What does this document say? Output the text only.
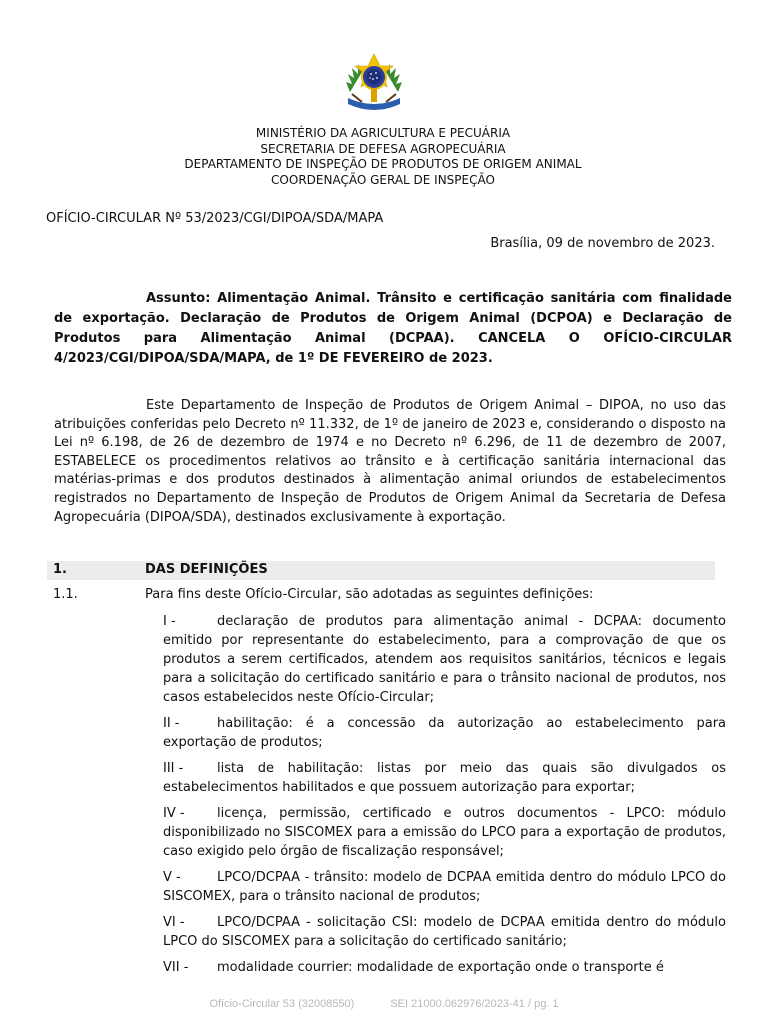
MINISTÉRIO DA AGRICULTURA E PECUÁRIA
SECRETARIA DE DEFESA AGROPECUÁRIA
DEPARTAMENTO DE INSPEÇÃO DE PRODUTOS DE ORIGEM ANIMAL
COORDENAÇÃO GERAL DE INSPEÇÃO
OFÍCIO-CIRCULAR Nº 53/2023/CGI/DIPOA/SDA/MAPA
Brasília, 09 de novembro de 2023.
Assunto: Alimentação Animal. Trânsito e certificação sanitária com finalidade de exportação. Declaração de Produtos de Origem Animal (DCPOA) e Declaração de Produtos para Alimentação Animal (DCPAA). CANCELA O OFÍCIO-CIRCULAR 4/2023/CGI/DIPOA/SDA/MAPA, de 1º DE FEVEREIRO de 2023.
Este Departamento de Inspeção de Produtos de Origem Animal – DIPOA, no uso das atribuições conferidas pelo Decreto nº 11.332, de 1º de janeiro de 2023 e, considerando o disposto na Lei nº 6.198, de 26 de dezembro de 1974 e no Decreto nº 6.296, de 11 de dezembro de 2007, ESTABELECE os procedimentos relativos ao trânsito e à certificação sanitária internacional das matérias-primas e dos produtos destinados à alimentação animal oriundos de estabelecimentos registrados no Departamento de Inspeção de Produtos de Origem Animal da Secretaria de Defesa Agropecuária (DIPOA/SDA), destinados exclusivamente à exportação.
1.	DAS DEFINIÇÕES
1.1.	Para fins deste Ofício-Circular, são adotadas as seguintes definições:
I -	declaração de produtos para alimentação animal - DCPAA: documento emitido por representante do estabelecimento, para a comprovação de que os produtos a serem certificados, atendem aos requisitos sanitários, técnicos e legais para a solicitação do certificado sanitário e para o trânsito nacional de produtos, nos casos estabelecidos neste Ofício-Circular;
II -	habilitação: é a concessão da autorização ao estabelecimento para exportação de produtos;
III -	lista de habilitação: listas por meio das quais são divulgados os estabelecimentos habilitados e que possuem autorização para exportar;
IV - licença, permissão, certificado e outros documentos - LPCO: módulo disponibilizado no SISCOMEX para a emissão do LPCO para a exportação de produtos, caso exigido pelo órgão de fiscalização responsável;
V -	LPCO/DCPAA - trânsito: modelo de DCPAA emitida dentro do módulo LPCO do SISCOMEX, para o trânsito nacional de produtos;
VI - LPCO/DCPAA - solicitação CSI: modelo de DCPAA emitida dentro do módulo LPCO do SISCOMEX para a solicitação do certificado sanitário;
VII - modalidade courrier: modalidade de exportação onde o transporte é
Ofício-Circular 53 (32008550)	SEI 21000.062976/2023-41 / pg. 1
